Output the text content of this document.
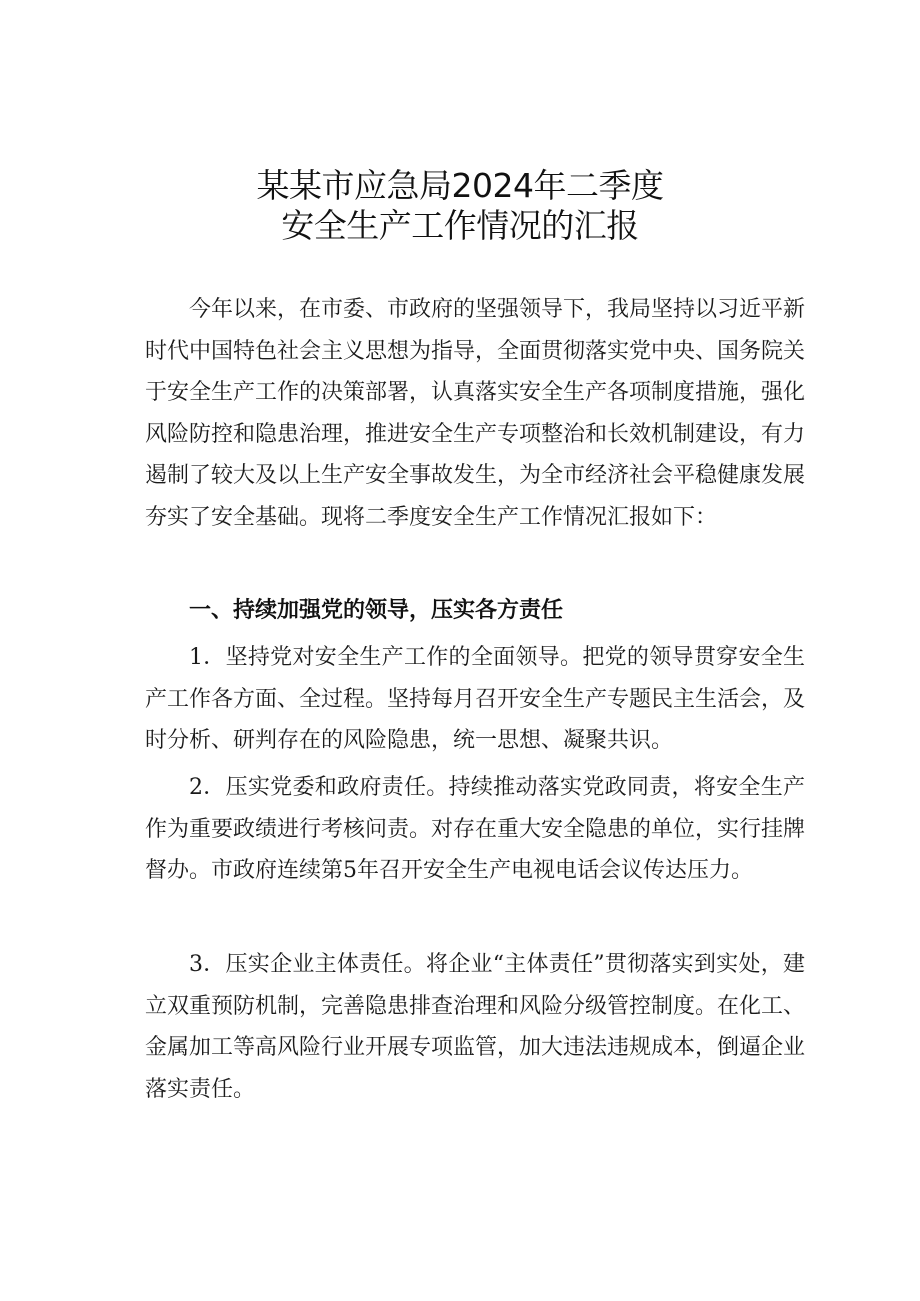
某某市应急局2024年二季度
安全生产工作情况的汇报

今年以来，在市委、市政府的坚强领导下，我局坚持以习近平新时代中国特色社会主义思想为指导，全面贯彻落实党中央、国务院关于安全生产工作的决策部署，认真落实安全生产各项制度措施，强化风险防控和隐患治理，推进安全生产专项整治和长效机制建设，有力遏制了较大及以上生产安全事故发生，为全市经济社会平稳健康发展夯实了安全基础。现将二季度安全生产工作情况汇报如下：

一、持续加强党的领导，压实各方责任

1．坚持党对安全生产工作的全面领导。把党的领导贯穿安全生产工作各方面、全过程。坚持每月召开安全生产专题民主生活会，及时分析、研判存在的风险隐患，统一思想、凝聚共识。

2．压实党委和政府责任。持续推动落实党政同责，将安全生产作为重要政绩进行考核问责。对存在重大安全隐患的单位，实行挂牌督办。市政府连续第5年召开安全生产电视电话会议传达压力。

3．压实企业主体责任。将企业“主体责任”贯彻落实到实处，建立双重预防机制，完善隐患排查治理和风险分级管控制度。在化工、金属加工等高风险行业开展专项监管，加大违法违规成本，倒逼企业落实责任。
